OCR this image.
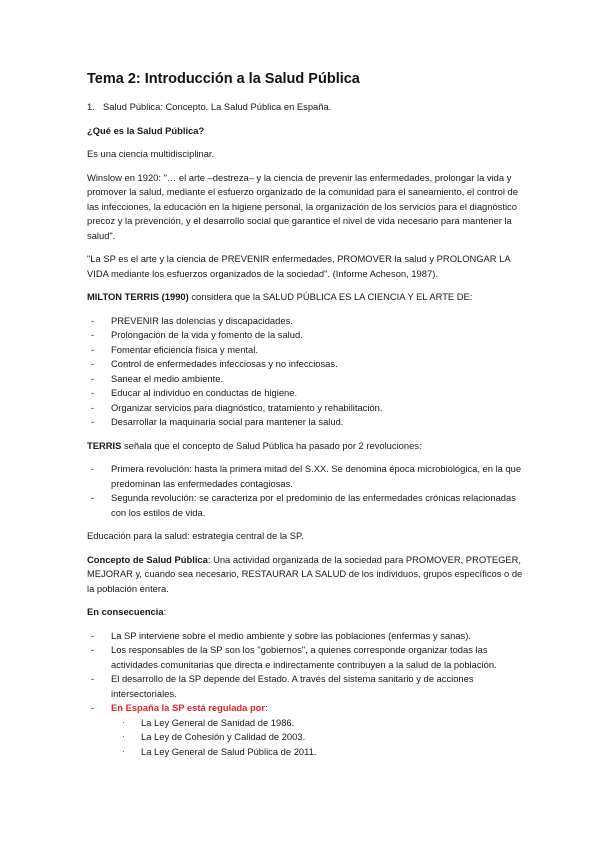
Tema 2: Introducción a la Salud Pública
1. Salud Pública: Concepto. La Salud Pública en España.

¿Qué es la Salud Pública?

Es una ciencia multidisciplinar.

Winslow en 1920: "… el arte –destreza– y la ciencia de prevenir las enfermedades, prolongar la vida y promover la salud, mediante el esfuerzo organizado de la comunidad para el saneamiento, el control de las infecciones, la educación en la higiene personal, la organización de los servicios para el diagnóstico precoz y la prevención, y el desarrollo social que garantice el nivel de vida necesario para mantener la salud".

"La SP es el arte y la ciencia de PREVENIR enfermedades, PROMOVER la salud y PROLONGAR LA VIDA mediante los esfuerzos organizados de la sociedad". (Informe Acheson, 1987).

MILTON TERRIS (1990) considera que la SALUD PÚBLICA ES LA CIENCIA Y EL ARTE DE:

- PREVENIR las dolencias y discapacidades.
- Prolongación de la vida y fomento de la salud.
- Fomentar eficiencia física y mental.
- Control de enfermedades infecciosas y no infecciosas.
- Sanear el medio ambiente.
- Educar al individuo en conductas de higiene.
- Organizar servicios para diagnóstico, tratamiento y rehabilitación.
- Desarrollar la maquinaria social para mantener la salud.

TERRIS señala que el concepto de Salud Pública ha pasado por 2 revoluciones:

- Primera revolución: hasta la primera mitad del S.XX. Se denomina época microbiológica, en la que predominan las enfermedades contagiosas.
- Segunda revolución: se caracteriza por el predominio de las enfermedades crónicas relacionadas con los estilos de vida.

Educación para la salud: estrategia central de la SP.

Concepto de Salud Pública: Una actividad organizada de la sociedad para PROMOVER, PROTEGER, MEJORAR y, cuando sea necesario, RESTAURAR LA SALUD de los individuos, grupos específicos o de la población entera.

En consecuencia:

- La SP interviene sobre el medio ambiente y sobre las poblaciones (enfermas y sanas).
- Los responsables de la SP son los "gobiernos", a quienes corresponde organizar todas las actividades comunitarias que directa e indirectamente contribuyen a la salud de la población.
- El desarrollo de la SP depende del Estado. A través del sistema sanitario y de acciones intersectoriales.
- En España la SP está regulada por:
· La Ley General de Sanidad de 1986.
· La Ley de Cohesión y Calidad de 2003.
· La Ley General de Salud Pública de 2011.
